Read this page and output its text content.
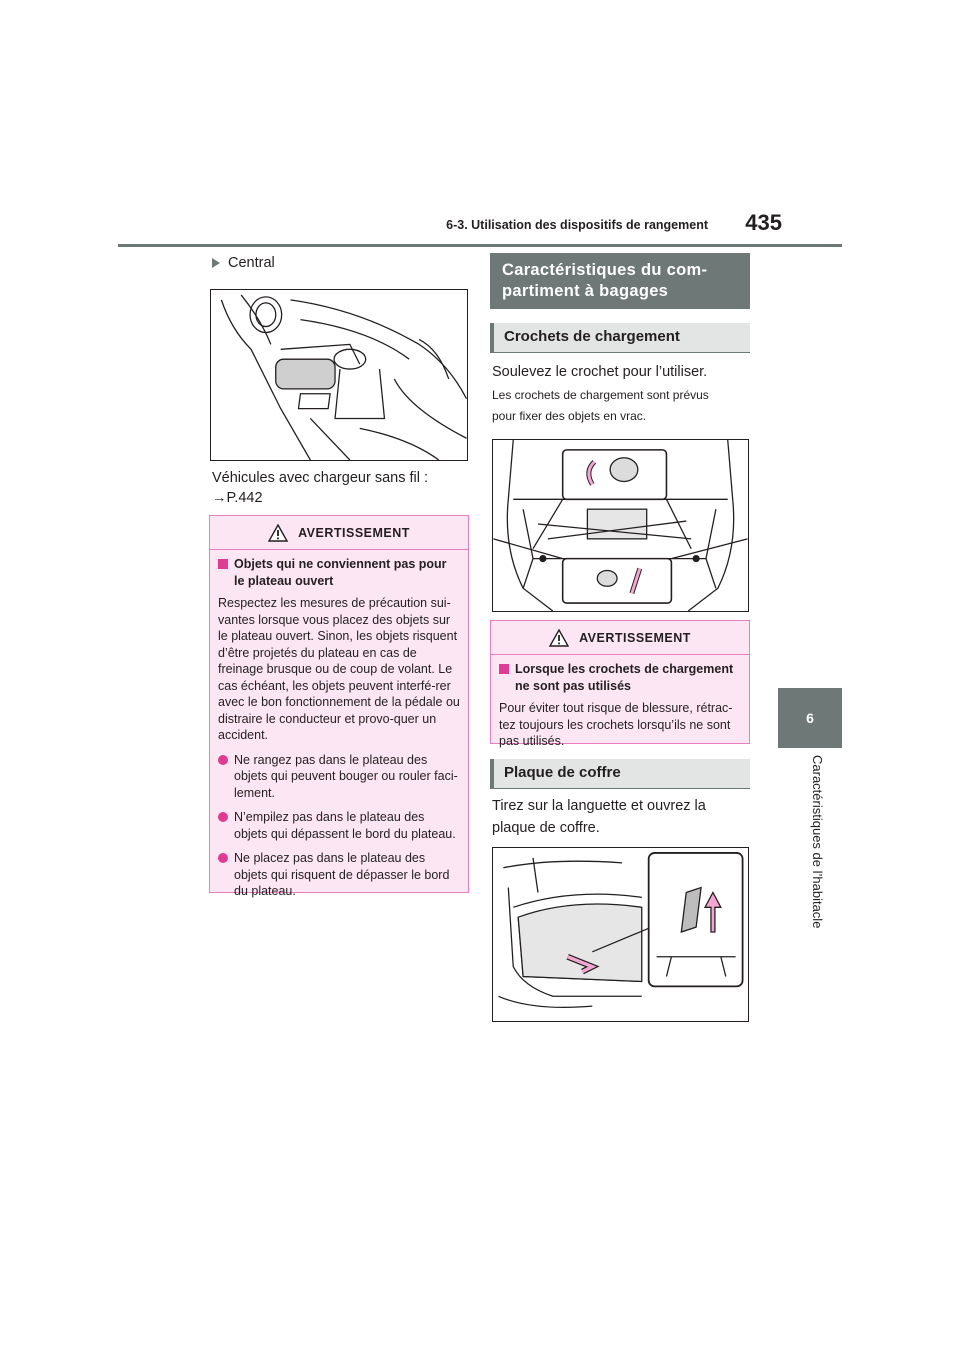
6-3. Utilisation des dispositifs de rangement	435
6
Caractéristiques de l’habitacle
Central
Véhicules avec chargeur sans fil :
→P.442
AVERTISSEMENT
Objets qui ne conviennent pas pour
le plateau ouvert
Respectez les mesures de précaution sui-vantes lorsque vous placez des objets sur le plateau ouvert. Sinon, les objets risquent d’être projetés du plateau en cas de freinage brusque ou de coup de volant. Le cas échéant, les objets peuvent interfé-rer avec le bon fonctionnement de la pédale ou distraire le conducteur et provo-quer un accident.
Ne rangez pas dans le plateau des objets qui peuvent bouger ou rouler faci-lement.
N’empilez pas dans le plateau des objets qui dépassent le bord du plateau.
Ne placez pas dans le plateau des objets qui risquent de dépasser le bord du plateau.
Caractéristiques du com-
partiment à bagages
Crochets de chargement
Soulevez le crochet pour l’utiliser.
Les crochets de chargement sont prévus
pour fixer des objets en vrac.
AVERTISSEMENT
Lorsque les crochets de chargement
ne sont pas utilisés
Pour éviter tout risque de blessure, rétrac-tez toujours les crochets lorsqu’ils ne sont pas utilisés.
Plaque de coffre
Tirez sur la languette et ouvrez la
plaque de coffre.
